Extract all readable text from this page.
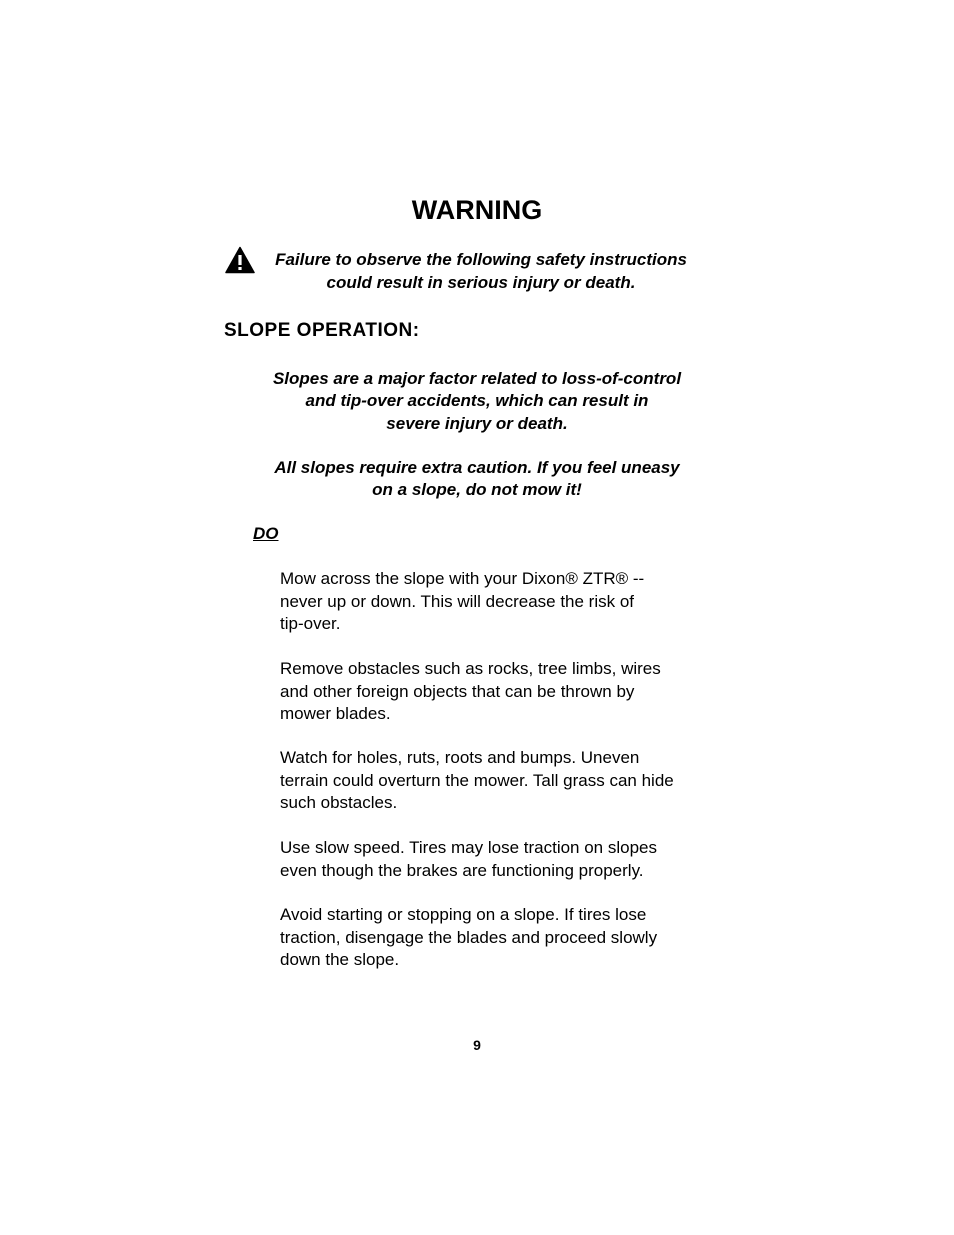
WARNING
Failure to observe the following safety instructions
could result in serious injury or death.
SLOPE OPERATION:
Slopes are a major factor related to loss-of-control
and tip-over accidents, which can result in
severe injury or death.
All slopes require extra caution. If you feel uneasy
on a slope, do not mow it!
DO
Mow across the slope with your Dixon® ZTR® --
never up or down. This will decrease the risk of
tip-over.
Remove obstacles such as rocks, tree limbs, wires
and other foreign objects that can be thrown by
mower blades.
Watch for holes, ruts, roots and bumps. Uneven
terrain could overturn the mower. Tall grass can hide
such obstacles.
Use slow speed. Tires may lose traction on slopes
even though the brakes are functioning properly.
Avoid starting or stopping on a slope. If tires lose
traction, disengage the blades and proceed slowly
down the slope.
9
